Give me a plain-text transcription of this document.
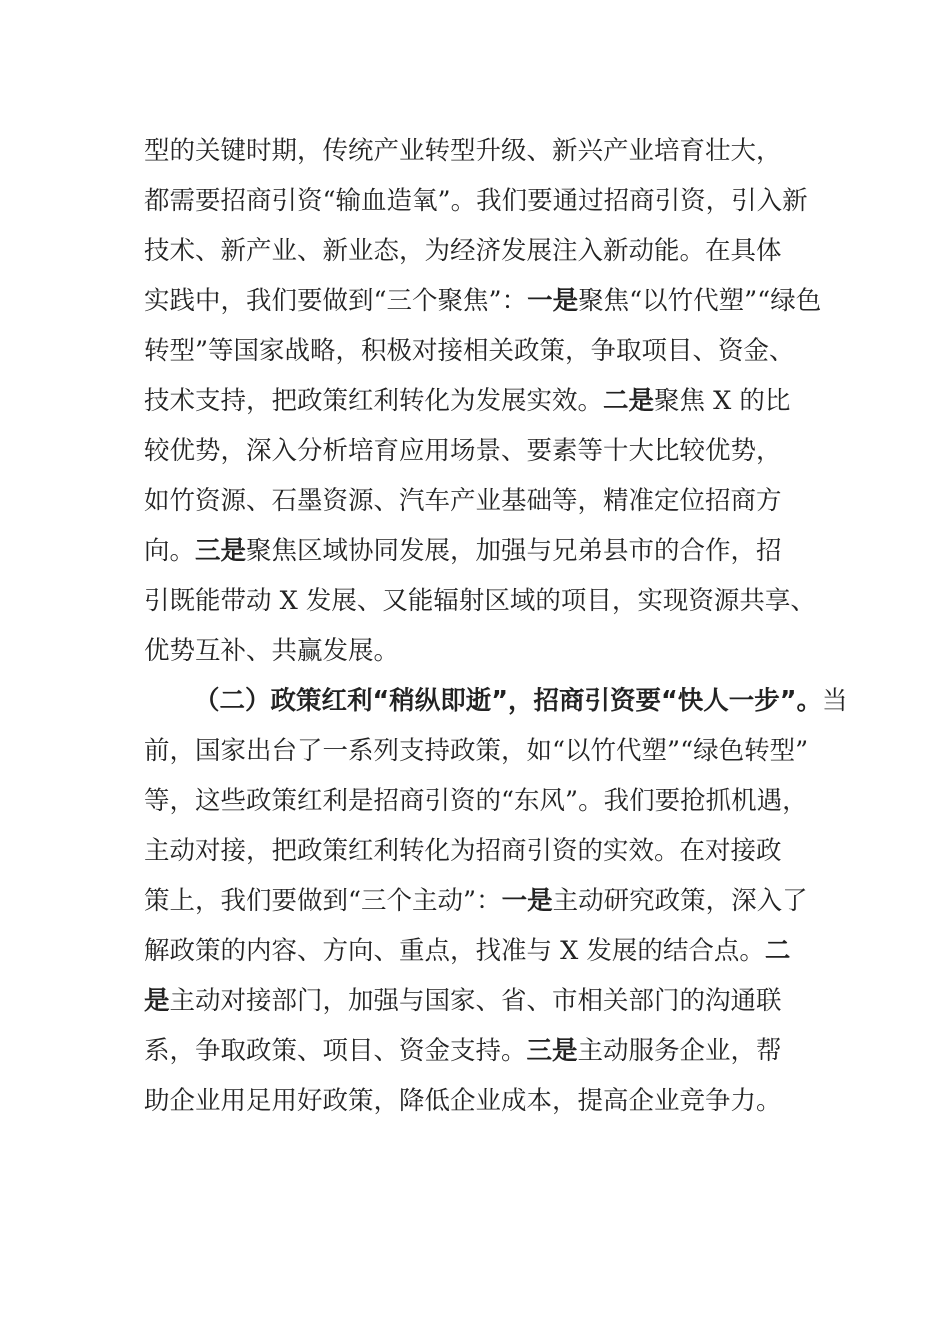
型的关键时期，传统产业转型升级、新兴产业培育壮大，
都需要招商引资“输血造氧”。我们要通过招商引资，引入新
技术、新产业、新业态，为经济发展注入新动能。在具体
实践中，我们要做到“三个聚焦”：一是聚焦“以竹代塑”“绿色
转型”等国家战略，积极对接相关政策，争取项目、资金、
技术支持，把政策红利转化为发展实效。二是聚焦 X 的比
较优势，深入分析培育应用场景、要素等十大比较优势，
如竹资源、石墨资源、汽车产业基础等，精准定位招商方
向。三是聚焦区域协同发展，加强与兄弟县市的合作，招
引既能带动 X 发展、又能辐射区域的项目，实现资源共享、
优势互补、共赢发展。
（二）政策红利“稍纵即逝”，招商引资要“快人一步”。当
前，国家出台了一系列支持政策，如“以竹代塑”“绿色转型”
等，这些政策红利是招商引资的“东风”。我们要抢抓机遇，
主动对接，把政策红利转化为招商引资的实效。在对接政
策上，我们要做到“三个主动”：一是主动研究政策，深入了
解政策的内容、方向、重点，找准与 X 发展的结合点。二
是主动对接部门，加强与国家、省、市相关部门的沟通联
系，争取政策、项目、资金支持。三是主动服务企业，帮
助企业用足用好政策，降低企业成本，提高企业竞争力。
